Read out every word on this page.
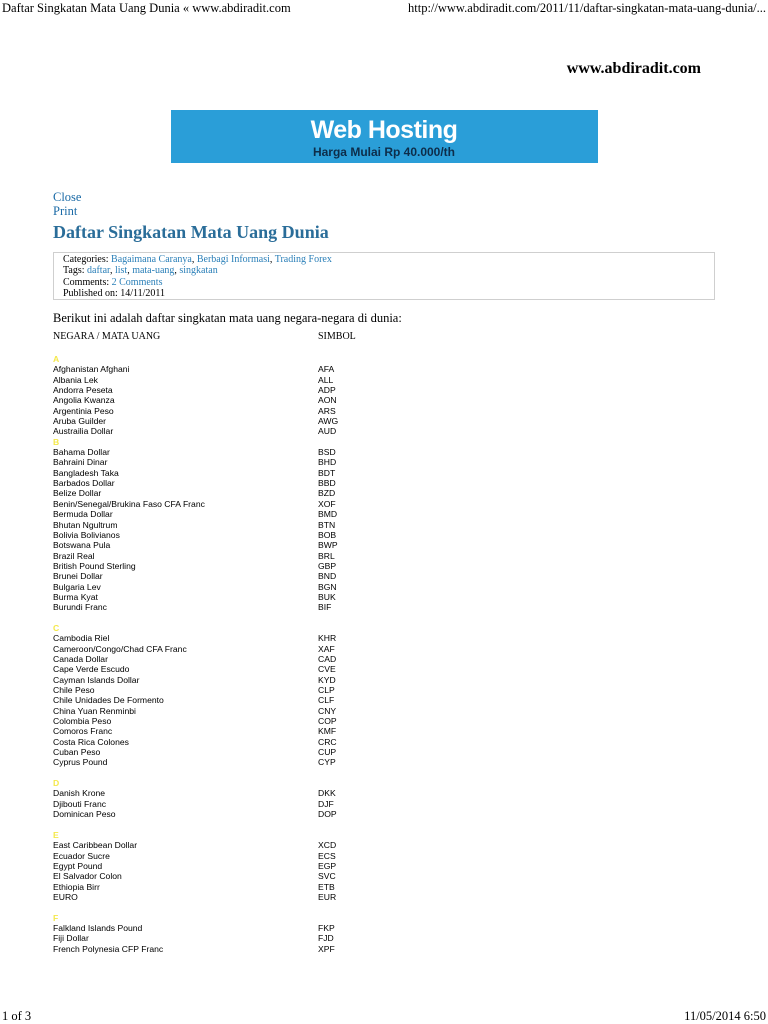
Daftar Singkatan Mata Uang Dunia « www.abdiradit.com	http://www.abdiradit.com/2011/11/daftar-singkatan-mata-uang-dunia/...
www.abdiradit.com
Web Hosting
Harga Mulai Rp 40.000/th
Close
Print
Daftar Singkatan Mata Uang Dunia
Categories: Bagaimana Caranya, Berbagi Informasi, Trading Forex
Tags: daftar, list, mata-uang, singkatan
Comments: 2 Comments
Published on: 14/11/2011
Berikut ini adalah daftar singkatan mata uang negara-negara di dunia:
NEGARA / MATA UANG	SIMBOL
A
Afghanistan Afghani	AFA
Albania Lek	ALL
Andorra Peseta	ADP
Angolia Kwanza	AON
Argentinia Peso	ARS
Aruba Guilder	AWG
Austrailia Dollar	AUD
B
Bahama Dollar	BSD
Bahraini Dinar	BHD
Bangladesh Taka	BDT
Barbados Dollar	BBD
Belize Dollar	BZD
Benin/Senegal/Brukina Faso CFA Franc	XOF
Bermuda Dollar	BMD
Bhutan Ngultrum	BTN
Bolivia Bolivianos	BOB
Botswana Pula	BWP
Brazil Real	BRL
British Pound Sterling	GBP
Brunei Dollar	BND
Bulgaria Lev	BGN
Burma Kyat	BUK
Burundi Franc	BIF
C
Cambodia Riel	KHR
Cameroon/Congo/Chad CFA Franc	XAF
Canada Dollar	CAD
Cape Verde Escudo	CVE
Cayman Islands Dollar	KYD
Chile Peso	CLP
Chile Unidades De Formento	CLF
China Yuan Renminbi	CNY
Colombia Peso	COP
Comoros Franc	KMF
Costa Rica Colones	CRC
Cuban Peso	CUP
Cyprus Pound	CYP
D
Danish Krone	DKK
Djibouti Franc	DJF
Dominican Peso	DOP
E
East Caribbean Dollar	XCD
Ecuador Sucre	ECS
Egypt Pound	EGP
El Salvador Colon	SVC
Ethiopia Birr	ETB
EURO	EUR
F
Falkland Islands Pound	FKP
Fiji Dollar	FJD
French Polynesia CFP Franc	XPF
1 of 3	11/05/2014 6:50
